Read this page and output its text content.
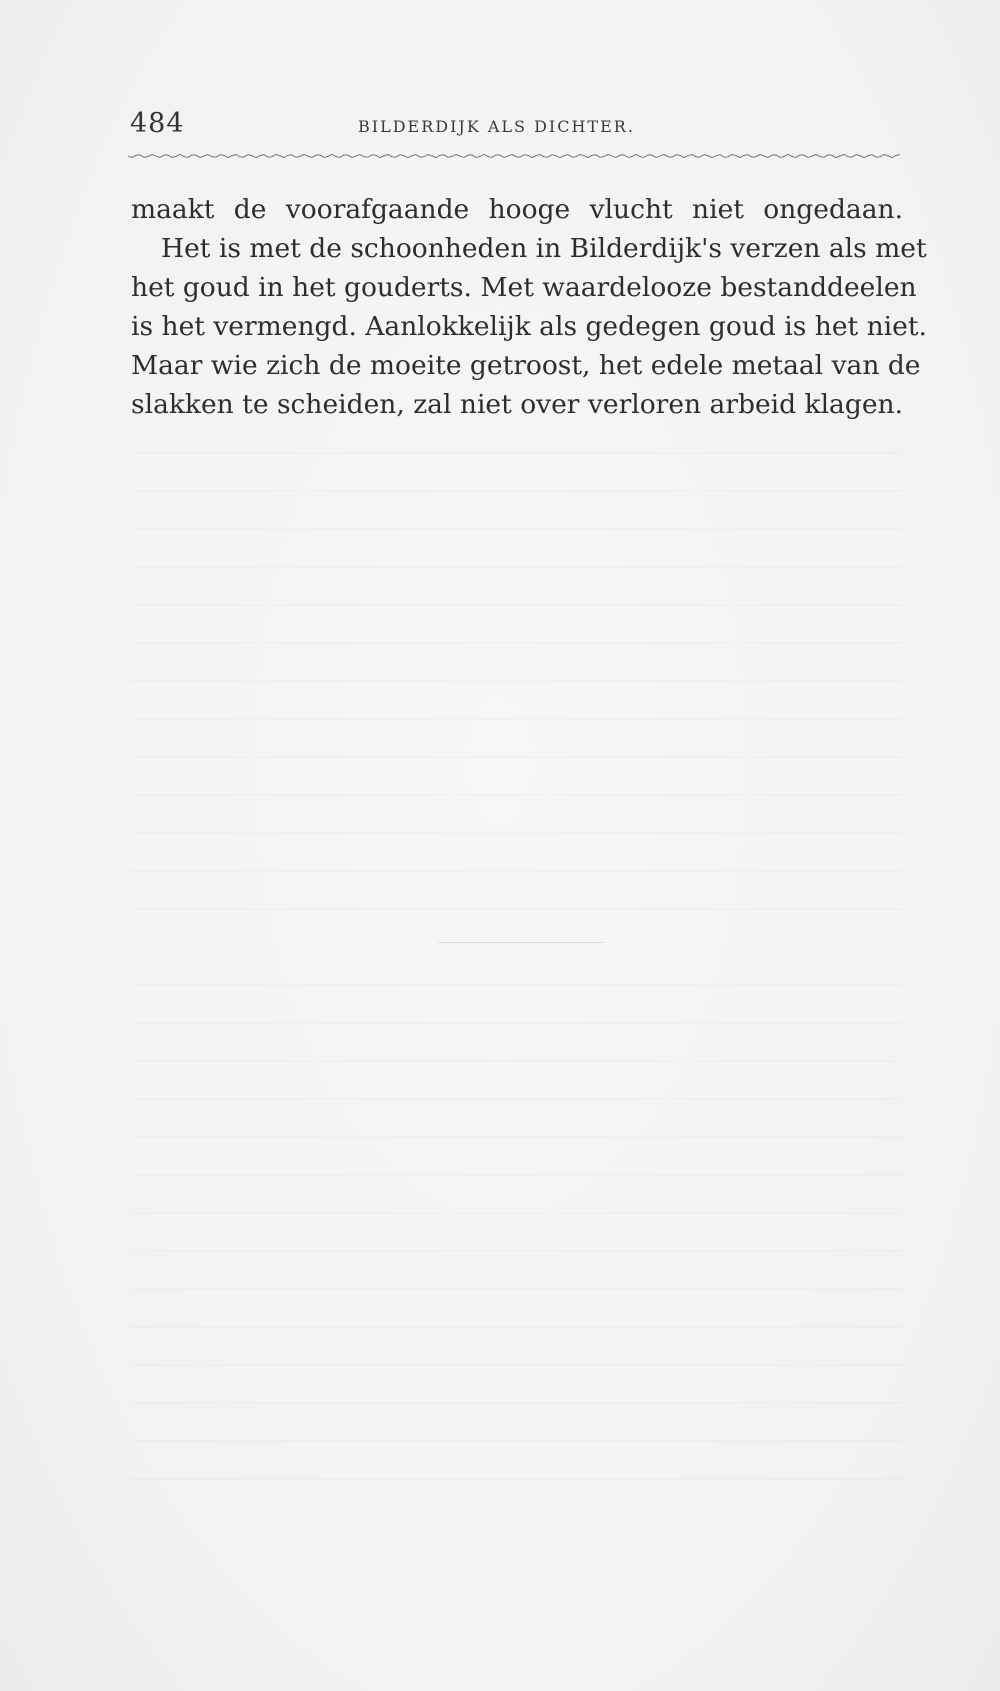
484	BILDERDIJK ALS DICHTER.
maakt de voorafgaande hooge vlucht niet ongedaan.
Het is met de schoonheden in Bilderdijk's verzen als met
het goud in het gouderts. Met waardelooze bestanddeelen
is het vermengd. Aanlokkelijk als gedegen goud is het niet.
Maar wie zich de moeite getroost, het edele metaal van de
slakken te scheiden, zal niet over verloren arbeid klagen.
